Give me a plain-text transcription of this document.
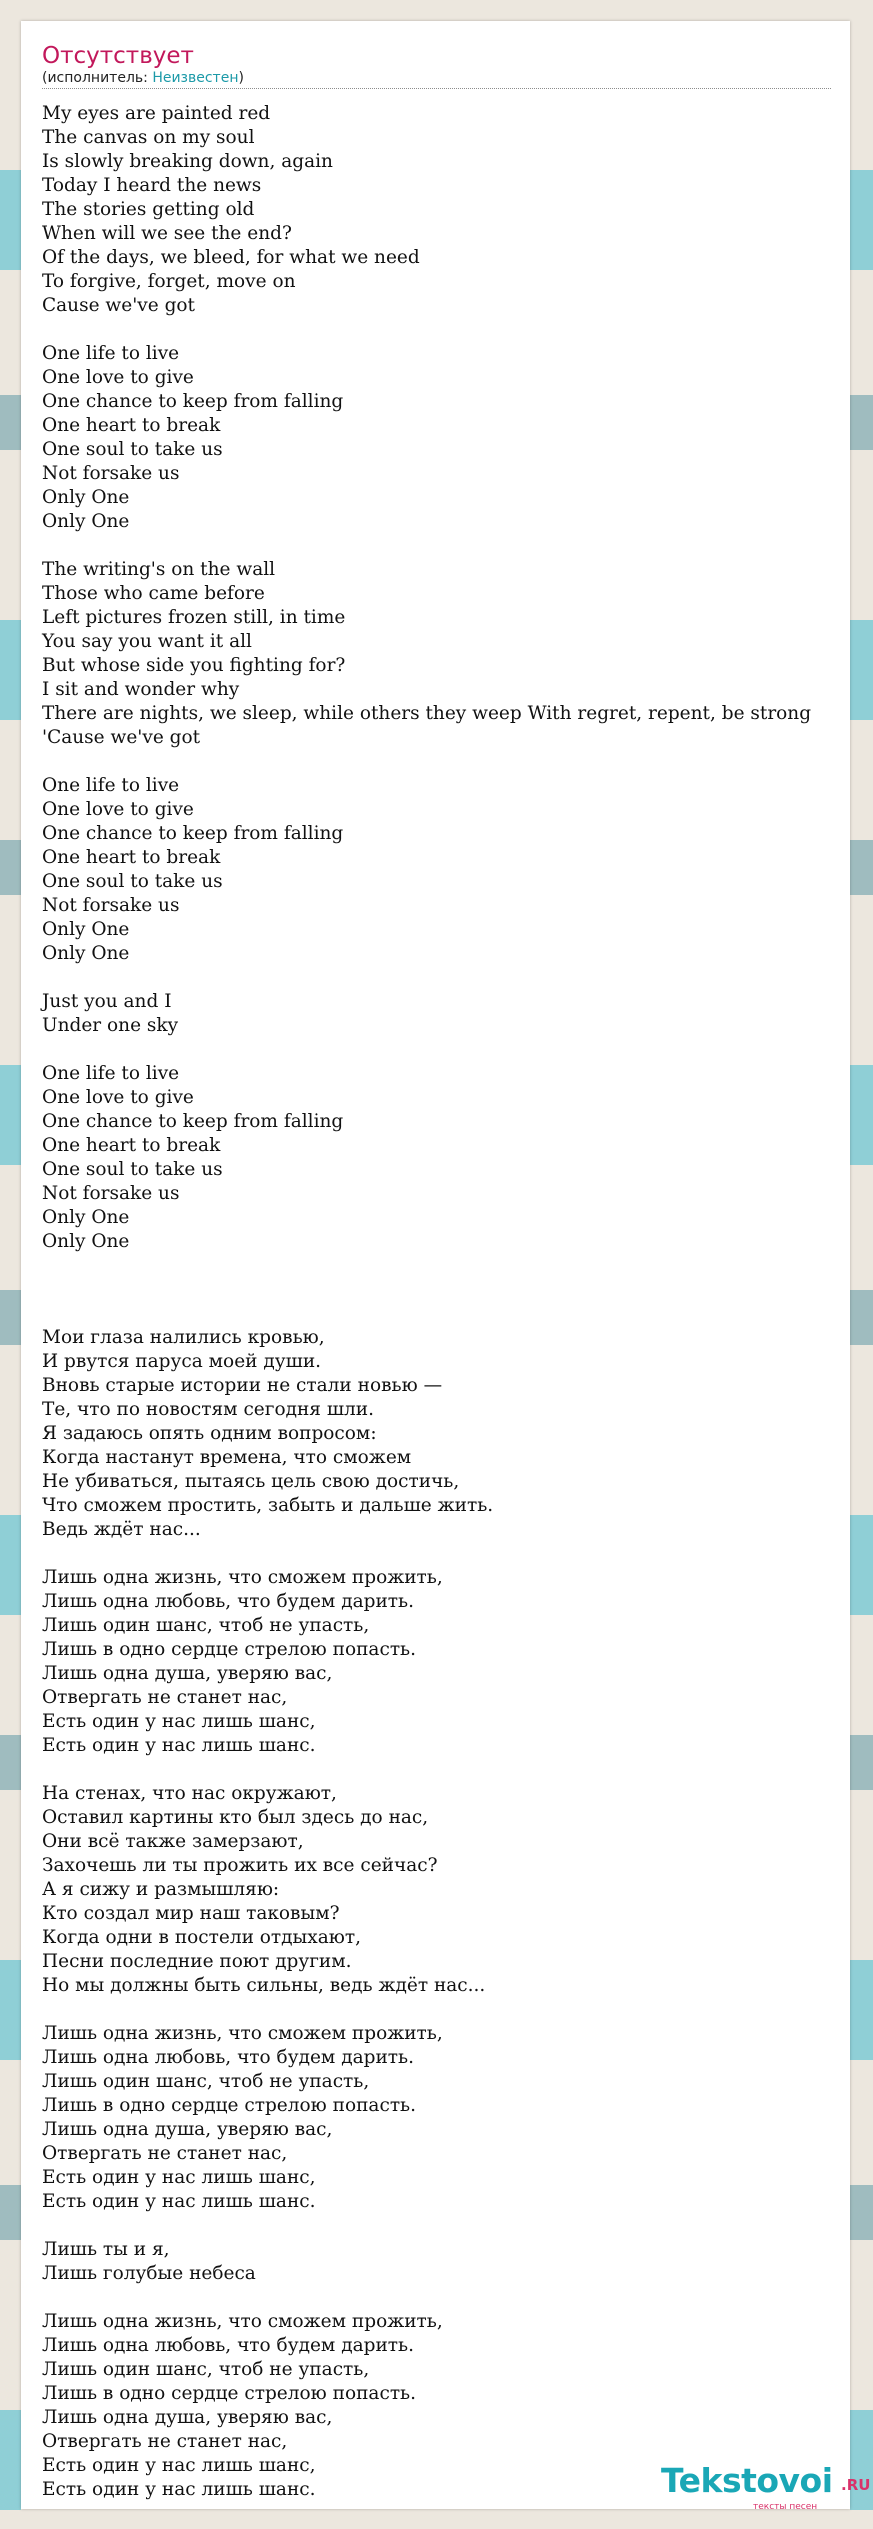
Отсутствует
(исполнитель: Неизвестен)
My eyes are painted red
The canvas on my soul
Is slowly breaking down, again
Today I heard the news
The stories getting old
When will we see the end?
Of the days, we bleed, for what we need
To forgive, forget, move on
Cause we've got
One life to live
One love to give
One chance to keep from falling
One heart to break
One soul to take us
Not forsake us
Only One
Only One
The writing's on the wall
Those who came before
Left pictures frozen still, in time
You say you want it all
But whose side you fighting for?
I sit and wonder why
There are nights, we sleep, while others they weep With regret, repent, be strong
'Cause we've got
One life to live
One love to give
One chance to keep from falling
One heart to break
One soul to take us
Not forsake us
Only One
Only One
Just you and I
Under one sky
One life to live
One love to give
One chance to keep from falling
One heart to break
One soul to take us
Not forsake us
Only One
Only One
Мои глаза налились кровью,
И рвутся паруса моей души.
Вновь старые истории не стали новью —
Те, что по новостям сегодня шли.
Я задаюсь опять одним вопросом:
Когда настанут времена, что сможем
Не убиваться, пытаясь цель свою достичь,
Что сможем простить, забыть и дальше жить.
Ведь ждёт нас...
Лишь одна жизнь, что сможем прожить,
Лишь одна любовь, что будем дарить.
Лишь один шанс, чтоб не упасть,
Лишь в одно сердце стрелою попасть.
Лишь одна душа, уверяю вас,
Отвергать не станет нас,
Есть один у нас лишь шанс,
Есть один у нас лишь шанс.
На стенах, что нас окружают,
Оставил картины кто был здесь до нас,
Они всё также замерзают,
Захочешь ли ты прожить их все сейчас?
А я сижу и размышляю:
Кто создал мир наш таковым?
Когда одни в постели отдыхают,
Песни последние поют другим.
Но мы должны быть сильны, ведь ждёт нас...
Лишь одна жизнь, что сможем прожить,
Лишь одна любовь, что будем дарить.
Лишь один шанс, чтоб не упасть,
Лишь в одно сердце стрелою попасть.
Лишь одна душа, уверяю вас,
Отвергать не станет нас,
Есть один у нас лишь шанс,
Есть один у нас лишь шанс.
Лишь ты и я,
Лишь голубые небеса
Лишь одна жизнь, что сможем прожить,
Лишь одна любовь, что будем дарить.
Лишь один шанс, чтоб не упасть,
Лишь в одно сердце стрелою попасть.
Лишь одна душа, уверяю вас,
Отвергать не станет нас,
Есть один у нас лишь шанс,
Есть один у нас лишь шанс.	Tekstovoi .RU
тексты песен
